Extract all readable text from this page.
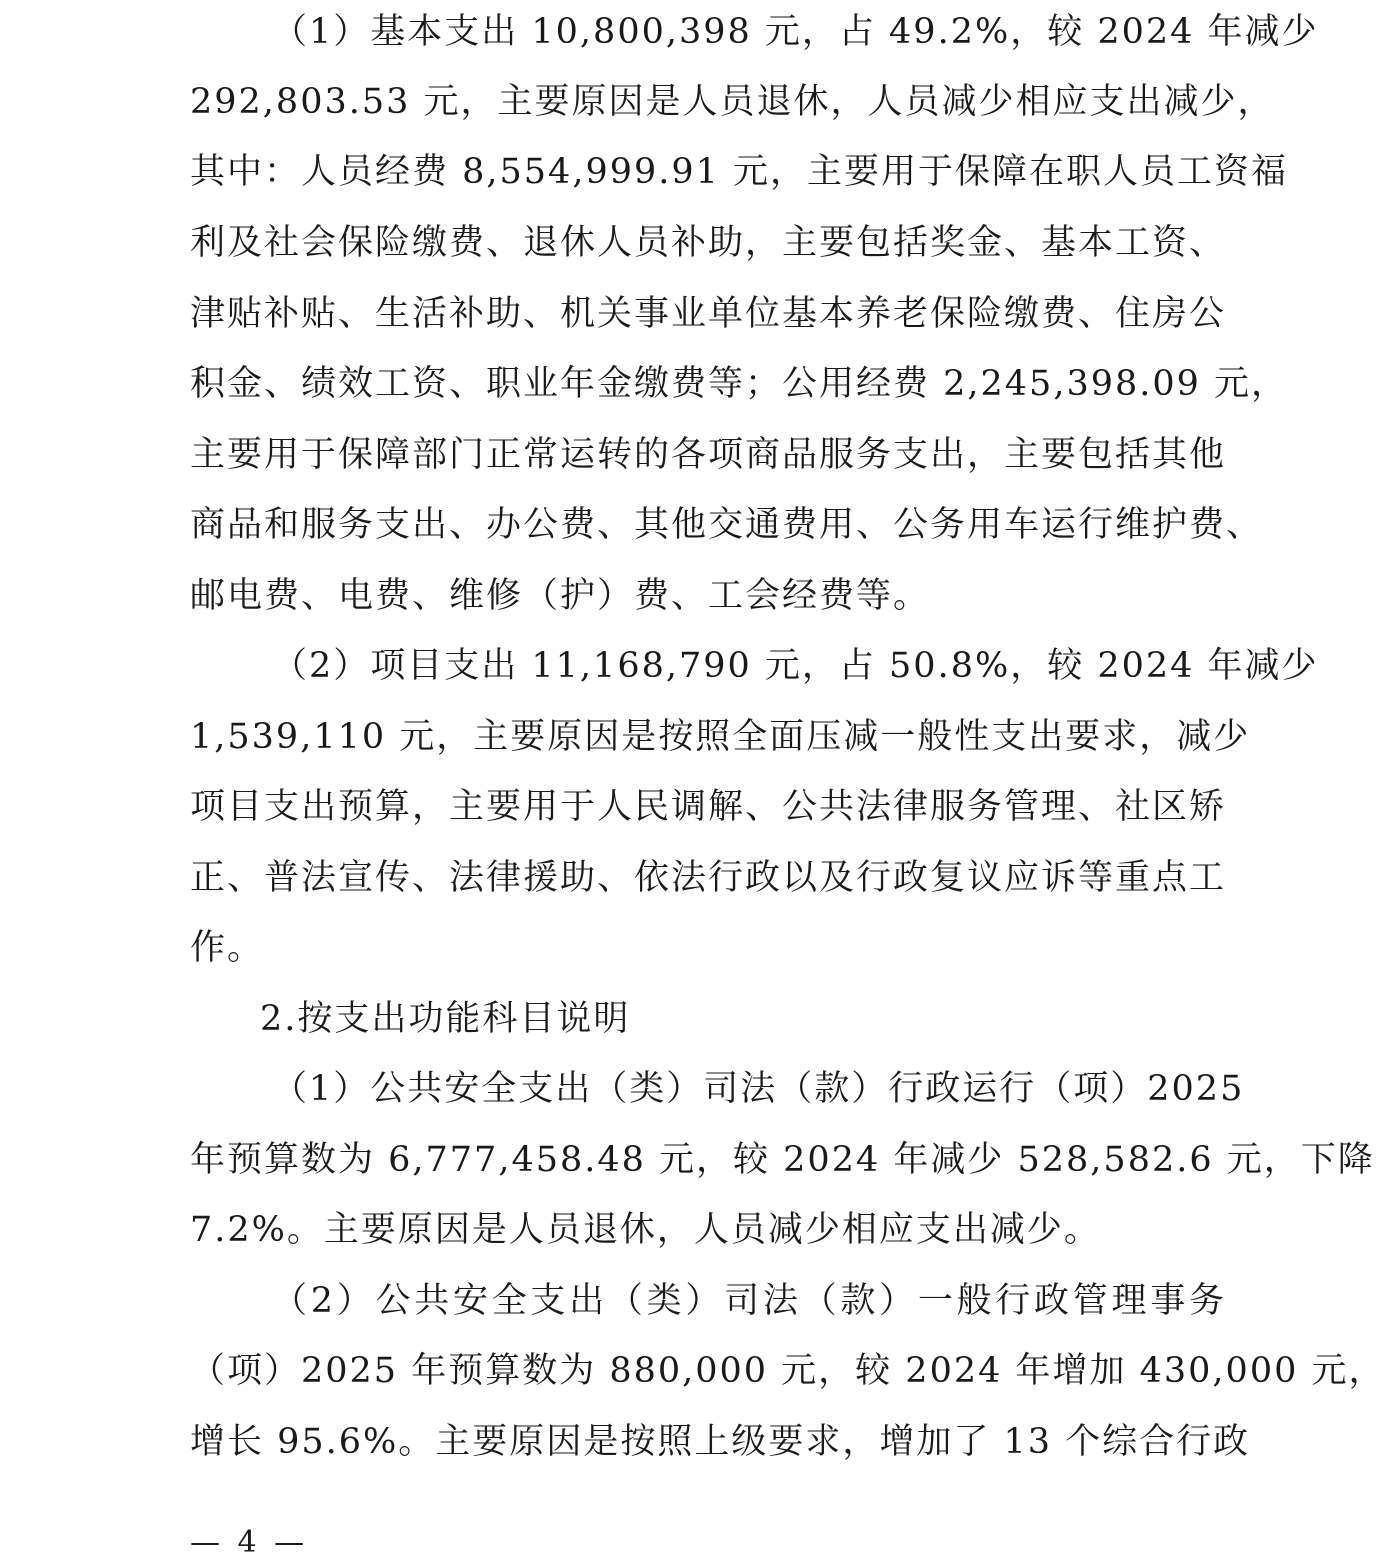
（1）基本支出 10,800,398 元，占 49.2%，较 2024 年减少
292,803.53 元，主要原因是人员退休，人员减少相应支出减少，
其中：人员经费 8,554,999.91 元，主要用于保障在职人员工资福
利及社会保险缴费、退休人员补助，主要包括奖金、基本工资、
津贴补贴、生活补助、机关事业单位基本养老保险缴费、住房公
积金、绩效工资、职业年金缴费等；公用经费 2,245,398.09 元，
主要用于保障部门正常运转的各项商品服务支出，主要包括其他
商品和服务支出、办公费、其他交通费用、公务用车运行维护费、
邮电费、电费、维修（护）费、工会经费等。
（2）项目支出 11,168,790 元，占 50.8%，较 2024 年减少
1,539,110 元，主要原因是按照全面压减一般性支出要求，减少
项目支出预算，主要用于人民调解、公共法律服务管理、社区矫
正、普法宣传、法律援助、依法行政以及行政复议应诉等重点工
作。
2.按支出功能科目说明
（1）公共安全支出（类）司法（款）行政运行（项）2025
年预算数为 6,777,458.48 元，较 2024 年减少 528,582.6 元，下降
7.2%。主要原因是人员退休，人员减少相应支出减少。
（2）公共安全支出（类）司法（款）一般行政管理事务
（项）2025 年预算数为 880,000 元，较 2024 年增加 430,000 元，
增长 95.6%。主要原因是按照上级要求，增加了 13 个综合行政
— 4 —
